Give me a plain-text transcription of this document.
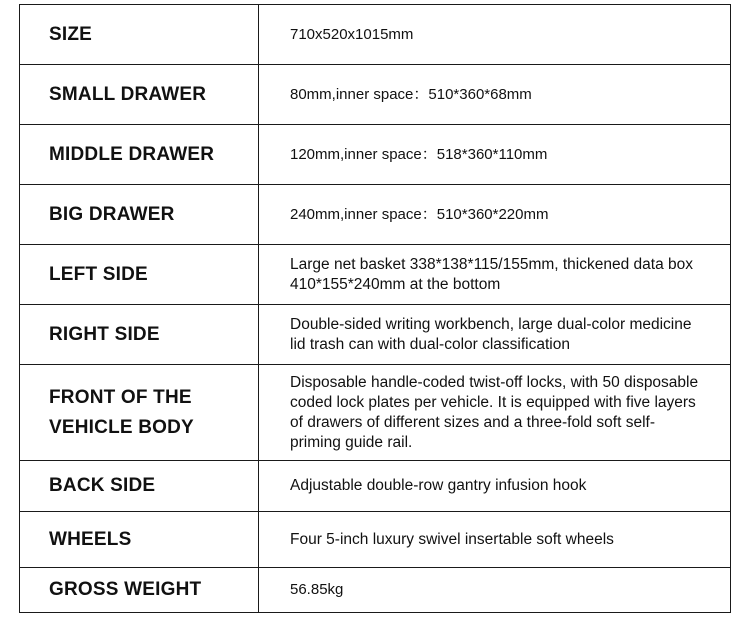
SIZE	710x520x1015mm

SMALL DRAWER	80mm,inner space：510*360*68mm

MIDDLE DRAWER	120mm,inner space：518*360*110mm

BIG DRAWER	240mm,inner space：510*360*220mm

LEFT SIDE	Large net basket 338*138*115/155mm, thickened data box
410*155*240mm at the bottom

RIGHT SIDE	Double-sided writing workbench, large dual-color medicine
lid trash can with dual-color classification

FRONT OF THE
VEHICLE BODY	Disposable handle-coded twist-off locks, with 50 disposable
coded lock plates per vehicle. It is equipped with five layers
of drawers of different sizes and a three-fold soft self-
priming guide rail.

BACK SIDE	Adjustable double-row gantry infusion hook

WHEELS	Four 5-inch luxury swivel insertable soft wheels

GROSS WEIGHT	56.85kg
